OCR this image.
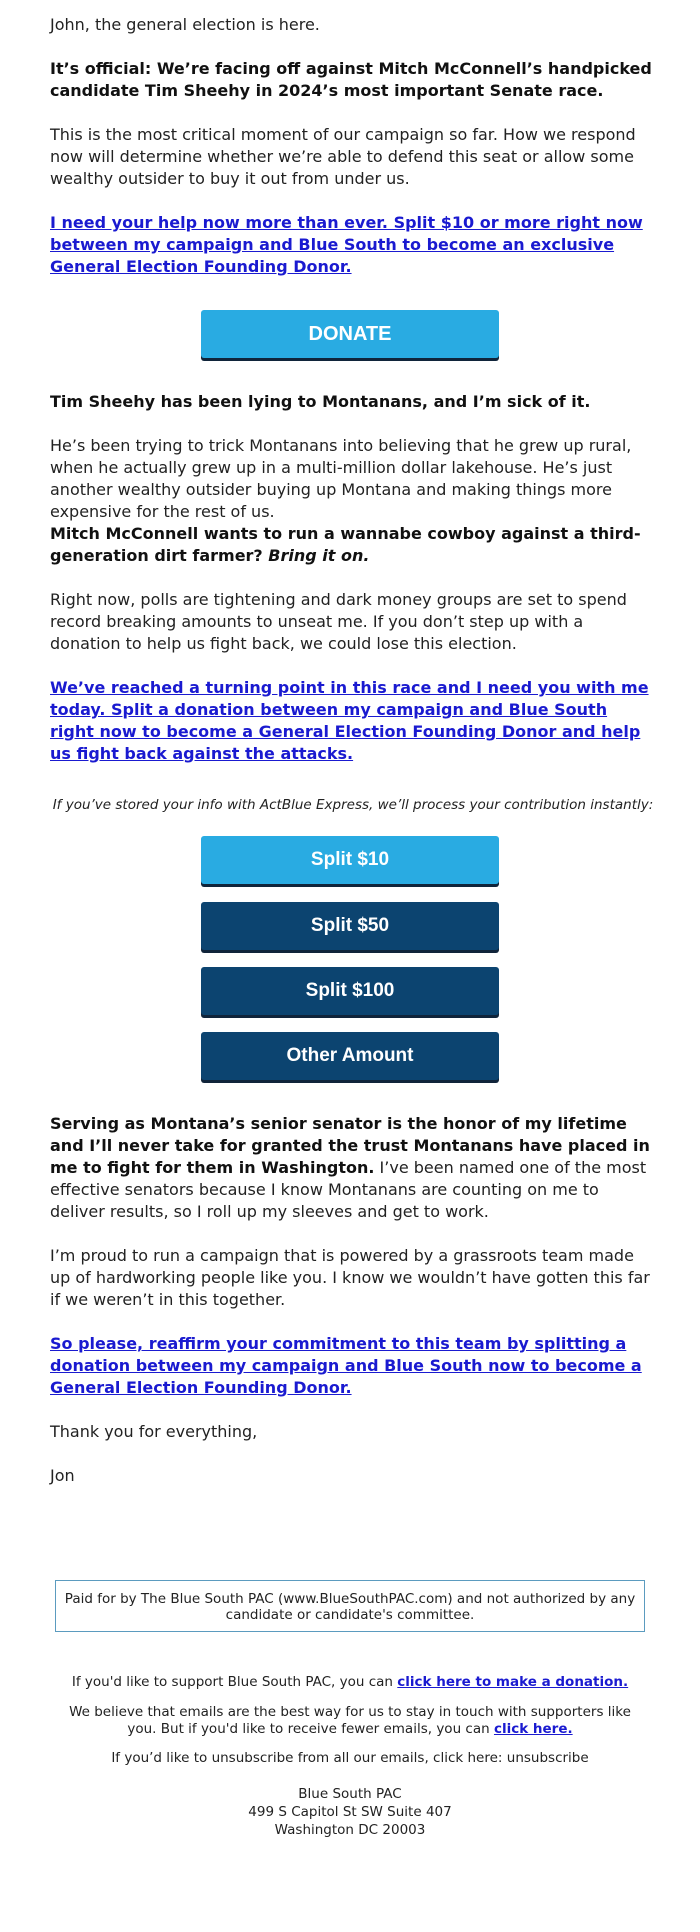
John, the general election is here.

It’s official: We’re facing off against Mitch McConnell’s handpicked candidate Tim Sheehy in 2024’s most important Senate race.

This is the most critical moment of our campaign so far. How we respond now will determine whether we’re able to defend this seat or allow some wealthy outsider to buy it out from under us.

I need your help now more than ever. Split $10 or more right now between my campaign and Blue South to become an exclusive General Election Founding Donor.
DONATE

Tim Sheehy has been lying to Montanans, and I’m sick of it.

He’s been trying to trick Montanans into believing that he grew up rural, when he actually grew up in a multi-million dollar lakehouse. He’s just another wealthy outsider buying up Montana and making things more expensive for the rest of us.

Mitch McConnell wants to run a wannabe cowboy against a third-generation dirt farmer? Bring it on.

Right now, polls are tightening and dark money groups are set to spend record breaking amounts to unseat me. If you don’t step up with a donation to help us fight back, we could lose this election.

We’ve reached a turning point in this race and I need you with me today. Split a donation between my campaign and Blue South right now to become a General Election Founding Donor and help us fight back against the attacks.

If you’ve stored your info with ActBlue Express, we’ll process your contribution instantly:

Split $10
Split $50
Split $100
Other Amount

Serving as Montana’s senior senator is the honor of my lifetime and I’ll never take for granted the trust Montanans have placed in me to fight for them in Washington. I’ve been named one of the most effective senators because I know Montanans are counting on me to deliver results, so I roll up my sleeves and get to work.

I’m proud to run a campaign that is powered by a grassroots team made up of hardworking people like you. I know we wouldn’t have gotten this far if we weren’t in this together.

So please, reaffirm your commitment to this team by splitting a donation between my campaign and Blue South now to become a General Election Founding Donor.

Thank you for everything,

Jon

Paid for by The Blue South PAC (www.BlueSouthPAC.com) and not authorized by any candidate or candidate's committee.
If you'd like to support Blue South PAC, you can click here to make a donation.
We believe that emails are the best way for us to stay in touch with supporters like you. But if you'd like to receive fewer emails, you can click here.
If you’d like to unsubscribe from all our emails, click here: unsubscribe
Blue South PAC
499 S Capitol St SW Suite 407
Washington DC 20003
